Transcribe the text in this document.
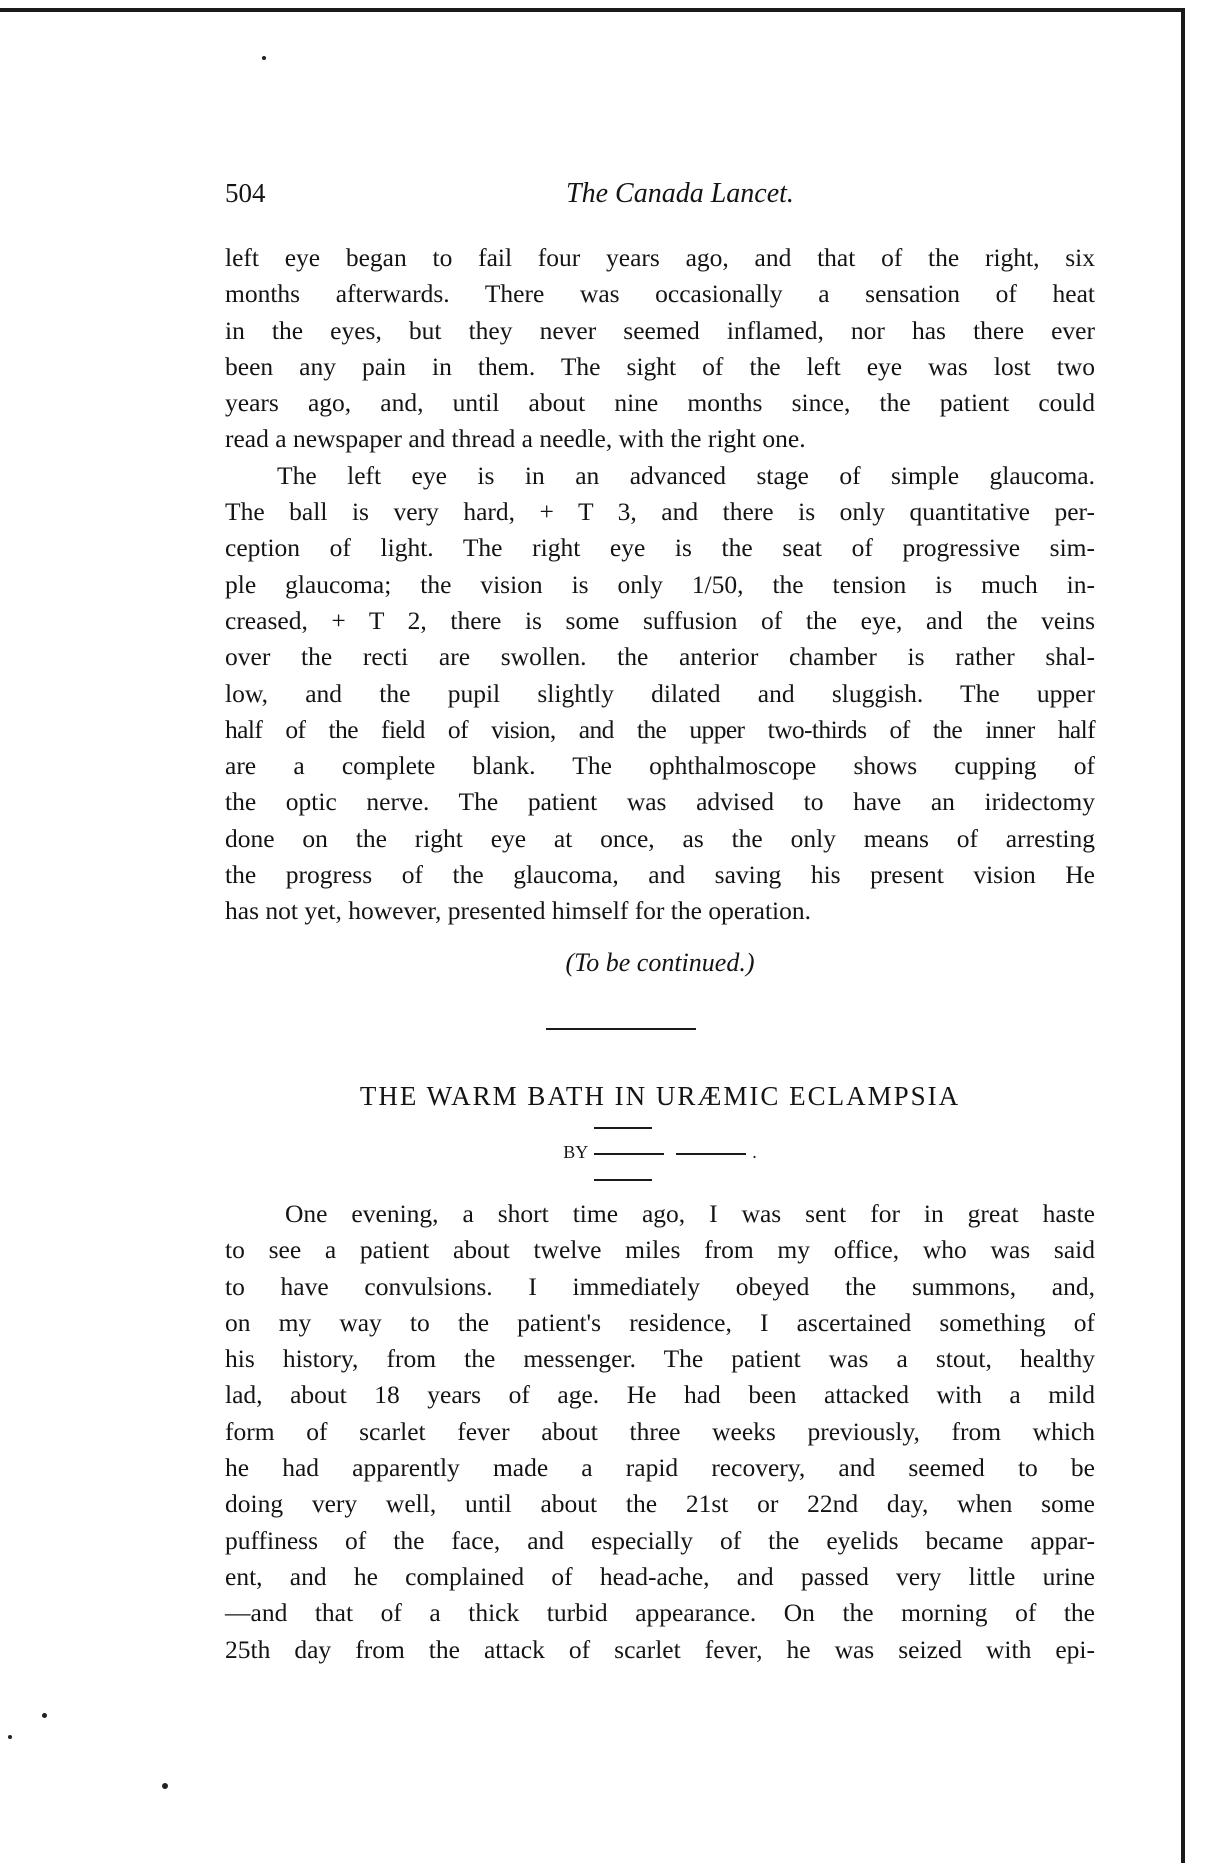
504	The Canada Lancet.
left eye began to fail four years ago, and that of the right, six
months afterwards. There was occasionally a sensation of heat
in the eyes, but they never seemed inflamed, nor has there ever
been any pain in them. The sight of the left eye was lost two
years ago, and, until about nine months since, the patient could
read a newspaper and thread a needle, with the right one.
The left eye is in an advanced stage of simple glaucoma.
The ball is very hard, + T 3, and there is only quantitative per-
ception of light. The right eye is the seat of progressive sim-
ple glaucoma; the vision is only 1/50, the tension is much in-
creased, + T 2, there is some suffusion of the eye, and the veins
over the recti are swollen. the anterior chamber is rather shal-
low, and the pupil slightly dilated and sluggish. The upper
half of the field of vision, and the upper two-thirds of the inner half
are a complete blank. The ophthalmoscope shows cupping of
the optic nerve. The patient was advised to have an iridectomy
done on the right eye at once, as the only means of arresting
the progress of the glaucoma, and saving his present vision He
has not yet, however, presented himself for the operation.
(To be continued.)
THE WARM BATH IN URÆMIC ECLAMPSIA
BY	.
One evening, a short time ago, I was sent for in great haste
to see a patient about twelve miles from my office, who was said
to have convulsions. I immediately obeyed the summons, and,
on my way to the patient's residence, I ascertained something of
his history, from the messenger. The patient was a stout, healthy
lad, about 18 years of age. He had been attacked with a mild
form of scarlet fever about three weeks previously, from which
he had apparently made a rapid recovery, and seemed to be
doing very well, until about the 21st or 22nd day, when some
puffiness of the face, and especially of the eyelids became appar-
ent, and he complained of head-ache, and passed very little urine
—and that of a thick turbid appearance. On the morning of the
25th day from the attack of scarlet fever, he was seized with epi-
